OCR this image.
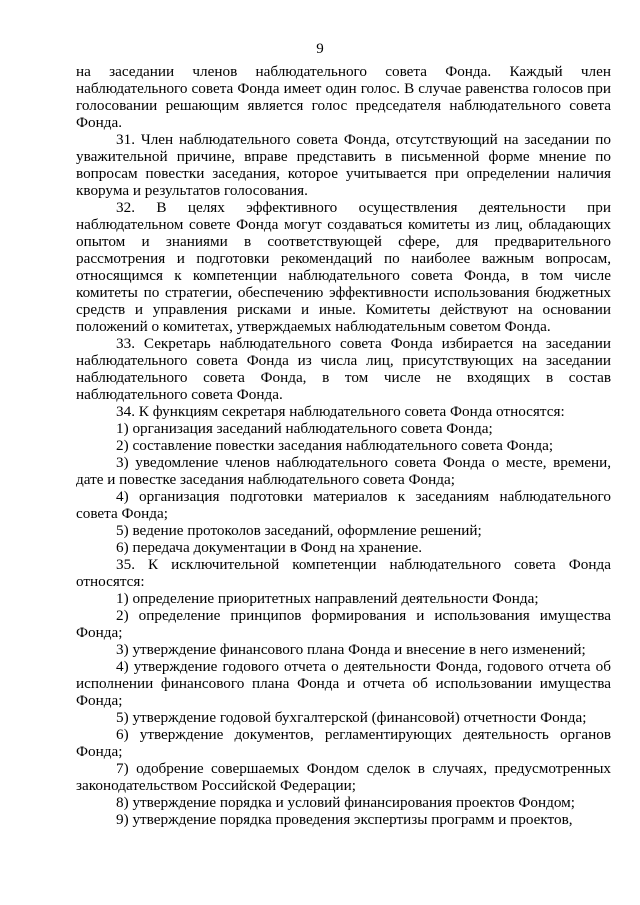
9

на заседании членов наблюдательного совета Фонда. Каждый член наблюдательного совета Фонда имеет один голос. В случае равенства голосов при голосовании решающим является голос председателя наблюдательного совета Фонда.

31. Член наблюдательного совета Фонда, отсутствующий на заседании по уважительной причине, вправе представить в письменной форме мнение по вопросам повестки заседания, которое учитывается при определении наличия кворума и результатов голосования.

32. В целях эффективного осуществления деятельности при наблюдательном совете Фонда могут создаваться комитеты из лиц, обладающих опытом и знаниями в соответствующей сфере, для предварительного рассмотрения и подготовки рекомендаций по наиболее важным вопросам, относящимся к компетенции наблюдательного совета Фонда, в том числе комитеты по стратегии, обеспечению эффективности использования бюджетных средств и управления рисками и иные. Комитеты действуют на основании положений о комитетах, утверждаемых наблюдательным советом Фонда.

33. Секретарь наблюдательного совета Фонда избирается на заседании наблюдательного совета Фонда из числа лиц, присутствующих на заседании наблюдательного совета Фонда, в том числе не входящих в состав наблюдательного совета Фонда.

34. К функциям секретаря наблюдательного совета Фонда относятся:

1) организация заседаний наблюдательного совета Фонда;

2) составление повестки заседания наблюдательного совета Фонда;

3) уведомление членов наблюдательного совета Фонда о месте, времени, дате и повестке заседания наблюдательного совета Фонда;

4) организация подготовки материалов к заседаниям наблюдательного совета Фонда;

5) ведение протоколов заседаний, оформление решений;

6) передача документации в Фонд на хранение.

35. К исключительной компетенции наблюдательного совета Фонда относятся:

1) определение приоритетных направлений деятельности Фонда;

2) определение принципов формирования и использования имущества Фонда;

3) утверждение финансового плана Фонда и внесение в него изменений;

4) утверждение годового отчета о деятельности Фонда, годового отчета об исполнении финансового плана Фонда и отчета об использовании имущества Фонда;

5) утверждение годовой бухгалтерской (финансовой) отчетности Фонда;

6) утверждение документов, регламентирующих деятельность органов Фонда;

7) одобрение совершаемых Фондом сделок в случаях, предусмотренных законодательством Российской Федерации;

8) утверждение порядка и условий финансирования проектов Фондом;

9) утверждение порядка проведения экспертизы программ и проектов,
